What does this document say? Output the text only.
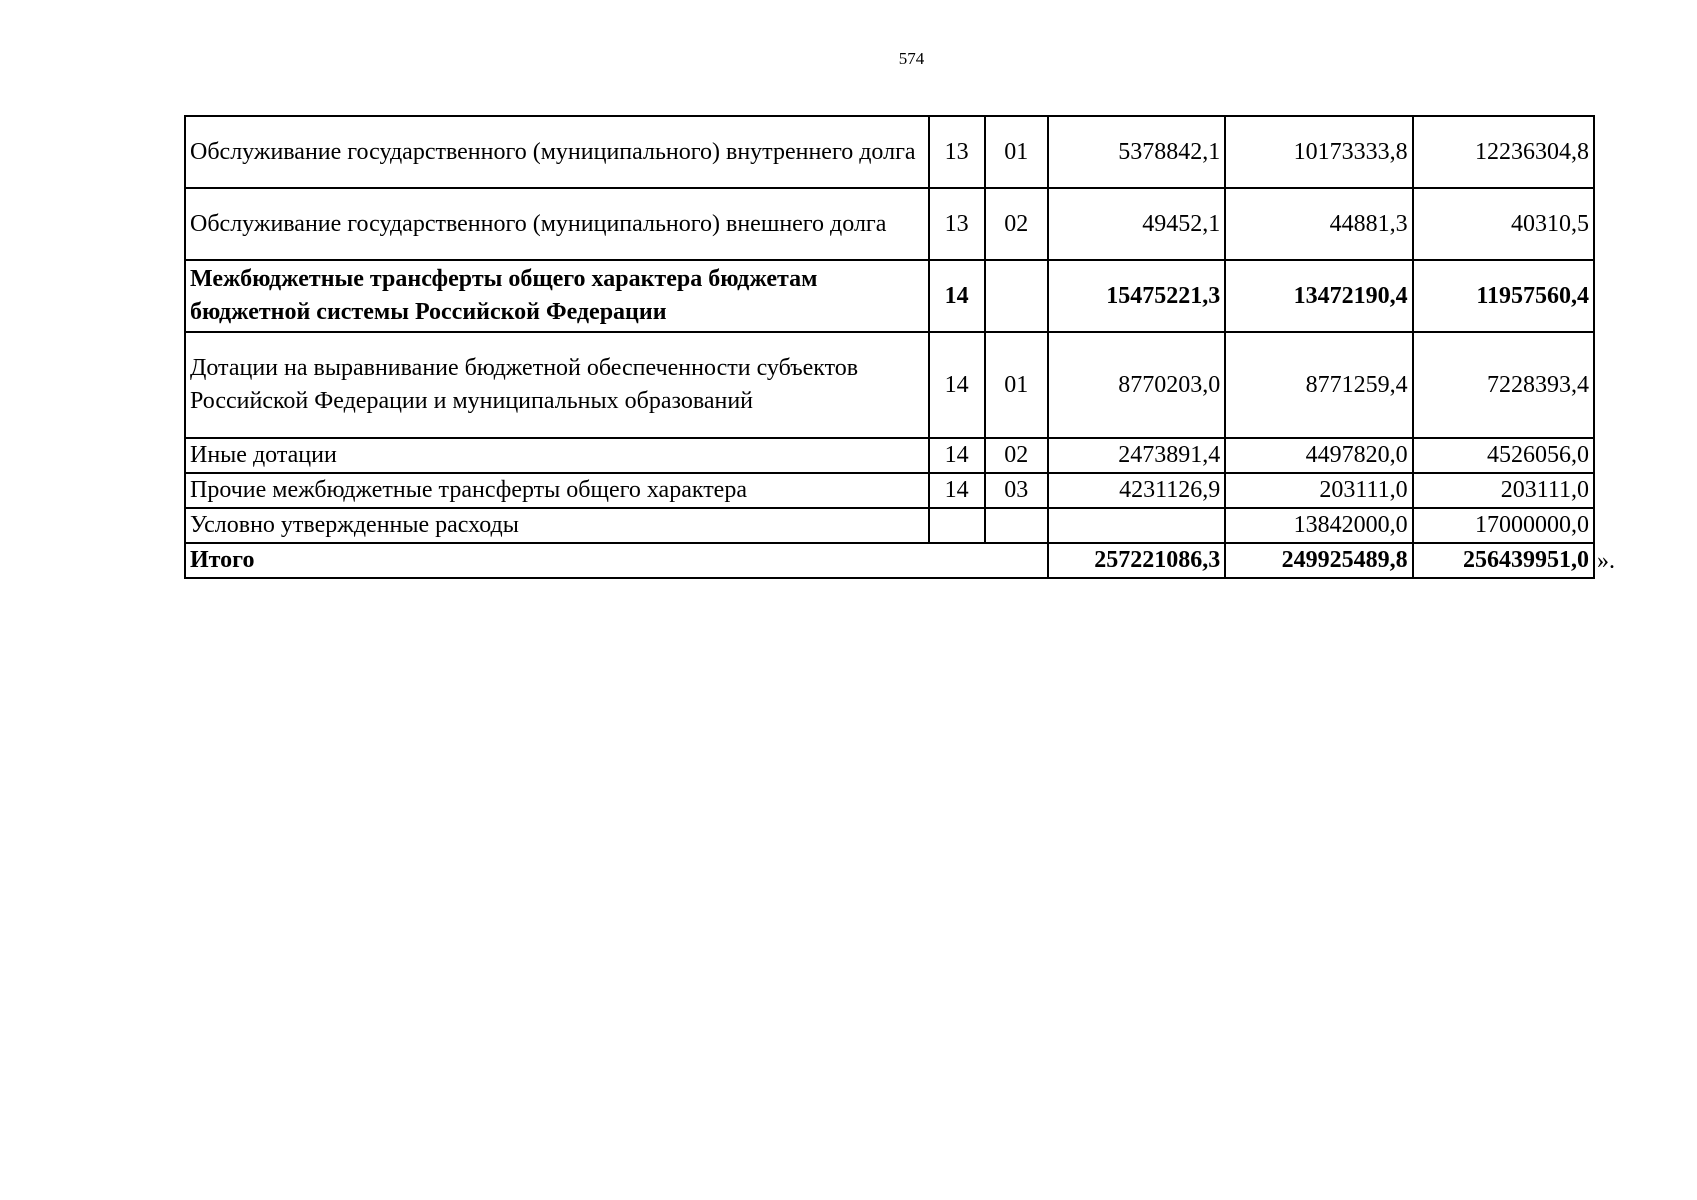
574
Обслуживание государственного (муниципального) внутреннего долга	13	01	5378842,1	10173333,8	12236304,8
Обслуживание государственного (муниципального) внешнего долга	13	02	49452,1	44881,3	40310,5
Межбюджетные трансферты общего характера бюджетам бюджетной системы Российской Федерации	14		15475221,3	13472190,4	11957560,4
Дотации на выравнивание бюджетной обеспеченности субъектов Российской Федерации и муниципальных образований	14	01	8770203,0	8771259,4	7228393,4
Иные дотации	14	02	2473891,4	4497820,0	4526056,0
Прочие межбюджетные трансферты общего характера	14	03	4231126,9	203111,0	203111,0
Условно утвержденные расходы				13842000,0	17000000,0
Итого			257221086,3	249925489,8	256439951,0 ».
